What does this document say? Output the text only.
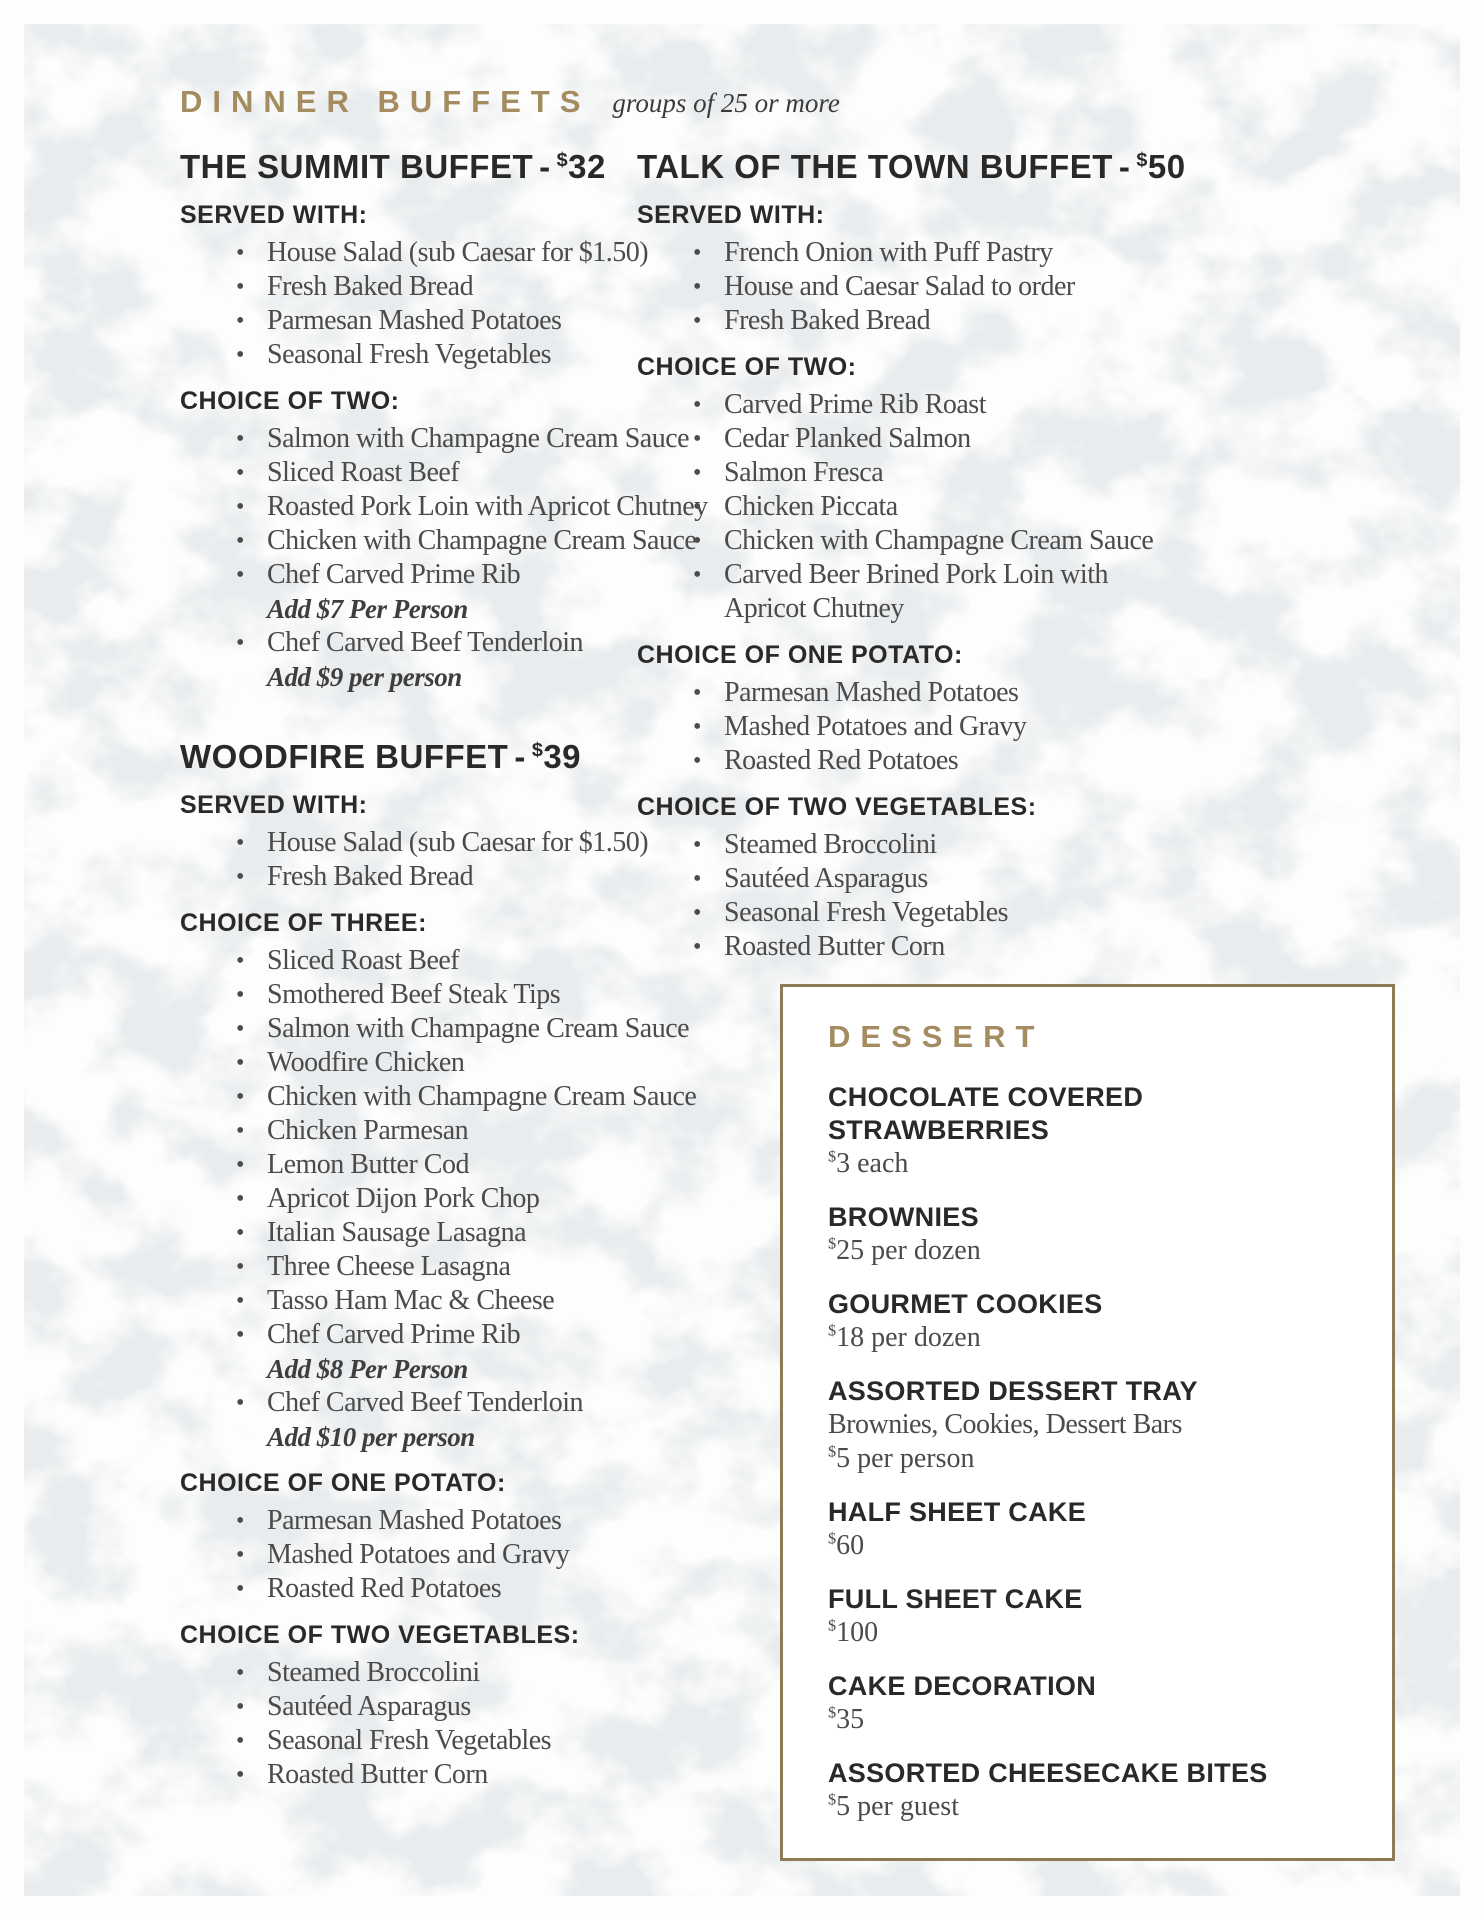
DINNER BUFFETS groups of 25 or more
THE SUMMIT BUFFET - $32
SERVED WITH:
• House Salad (sub Caesar for $1.50)
• Fresh Baked Bread
• Parmesan Mashed Potatoes
• Seasonal Fresh Vegetables
CHOICE OF TWO:
• Salmon with Champagne Cream Sauce
• Sliced Roast Beef
• Roasted Pork Loin with Apricot Chutney
• Chicken with Champagne Cream Sauce
• Chef Carved Prime Rib
Add $7 Per Person
• Chef Carved Beef Tenderloin
Add $9 per person
WOODFIRE BUFFET - $39
SERVED WITH:
• House Salad (sub Caesar for $1.50)
• Fresh Baked Bread
CHOICE OF THREE:
• Sliced Roast Beef
• Smothered Beef Steak Tips
• Salmon with Champagne Cream Sauce
• Woodfire Chicken
• Chicken with Champagne Cream Sauce
• Chicken Parmesan
• Lemon Butter Cod
• Apricot Dijon Pork Chop
• Italian Sausage Lasagna
• Three Cheese Lasagna
• Tasso Ham Mac & Cheese
• Chef Carved Prime Rib
Add $8 Per Person
• Chef Carved Beef Tenderloin
Add $10 per person
CHOICE OF ONE POTATO:
• Parmesan Mashed Potatoes
• Mashed Potatoes and Gravy
• Roasted Red Potatoes
CHOICE OF TWO VEGETABLES:
• Steamed Broccolini
• Sautéed Asparagus
• Seasonal Fresh Vegetables
• Roasted Butter Corn
TALK OF THE TOWN BUFFET - $50
SERVED WITH:
• French Onion with Puff Pastry
• House and Caesar Salad to order
• Fresh Baked Bread
CHOICE OF TWO:
• Carved Prime Rib Roast
• Cedar Planked Salmon
• Salmon Fresca
• Chicken Piccata
• Chicken with Champagne Cream Sauce
• Carved Beer Brined Pork Loin with Apricot Chutney
CHOICE OF ONE POTATO:
• Parmesan Mashed Potatoes
• Mashed Potatoes and Gravy
• Roasted Red Potatoes
CHOICE OF TWO VEGETABLES:
• Steamed Broccolini
• Sautéed Asparagus
• Seasonal Fresh Vegetables
• Roasted Butter Corn
DESSERT
CHOCOLATE COVERED STRAWBERRIES
$3 each
BROWNIES
$25 per dozen
GOURMET COOKIES
$18 per dozen
ASSORTED DESSERT TRAY
Brownies, Cookies, Dessert Bars
$5 per person
HALF SHEET CAKE
$60
FULL SHEET CAKE
$100
CAKE DECORATION
$35
ASSORTED CHEESECAKE BITES
$5 per guest
